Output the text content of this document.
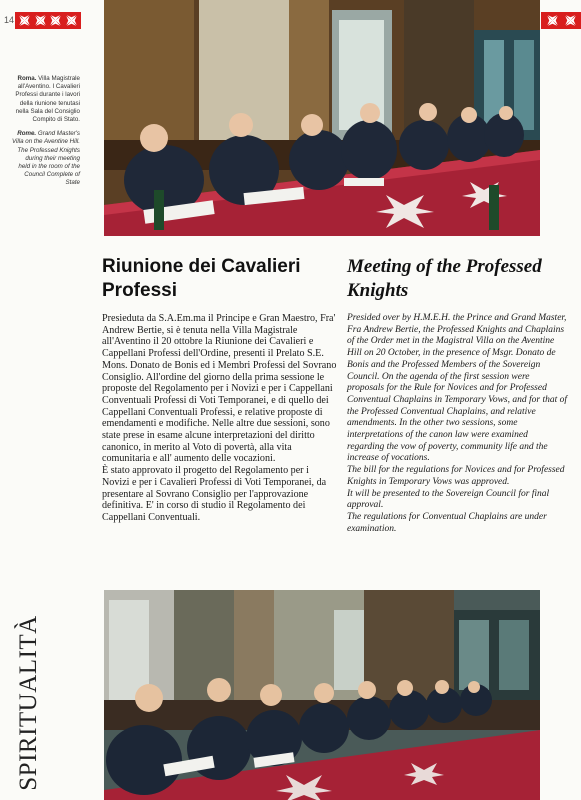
14

Roma. Villa Magistrale all'Aventino. I Cavalieri Professi durante i lavori della riunione tenutasi nella Sala del Consiglio Compito di Stato.

Rome. Grand Master's Villa on the Aventine Hill. The Professed Knights during their meeting held in the room of the Council Complete of State

Riunione dei Cavalieri Professi
Meeting of the Professed Knights
Presieduta da S.A.Em.ma il Principe e Gran Maestro, Fra' Andrew Bertie, si è tenuta nella Villa Magistrale all'Aventino il 20 ottobre la Riunione dei Cavalieri e Cappellani Professi dell'Ordine, presenti il Prelato S.E. Mons. Donato de Bonis ed i Membri Professi del Sovrano Consiglio. All'ordine del giorno della prima sessione le proposte del Regolamento per i Novizi e per i Cappellani Conventuali Professi di Voti Temporanei, e di quello dei Cappellani Conventuali Professi, e relative proposte di emendamenti e modifiche. Nelle altre due sessioni, sono state prese in esame alcune interpretazioni del diritto canonico, in merito al Voto di povertà, alla vita comunitaria e all' aumento delle vocazioni.
È stato approvato il progetto del Regolamento per i Novizi e per i Cavalieri Professi di Voti Temporanei, da presentare al Sovrano Consiglio per l'approvazione definitiva. E' in corso di studio il Regolamento dei Cappellani Conventuali.
Presided over by H.M.E.H. the Prince and Grand Master, Fra Andrew Bertie, the Professed Knights and Chaplains of the Order met in the Magistral Villa on the Aventine Hill on 20 October, in the presence of Msgr. Donato de Bonis and the Professed Members of the Sovereign Council. On the agenda of the first session were proposals for the Rule for Novices and for Professed Conventual Chaplains in Temporary Vows, and for that of the Professed Conventual Chaplains, and relative amendments. In the other two sessions, some interpretations of the canon law were examined regarding the vow of poverty, community life and the increase of vocations.
The bill for the regulations for Novices and for Professed Knights in Temporary Vows was approved.
It will be presented to the Sovereign Council for final approval.
The regulations for Conventual Chaplains are under examination.
SPIRITUALITÀ
